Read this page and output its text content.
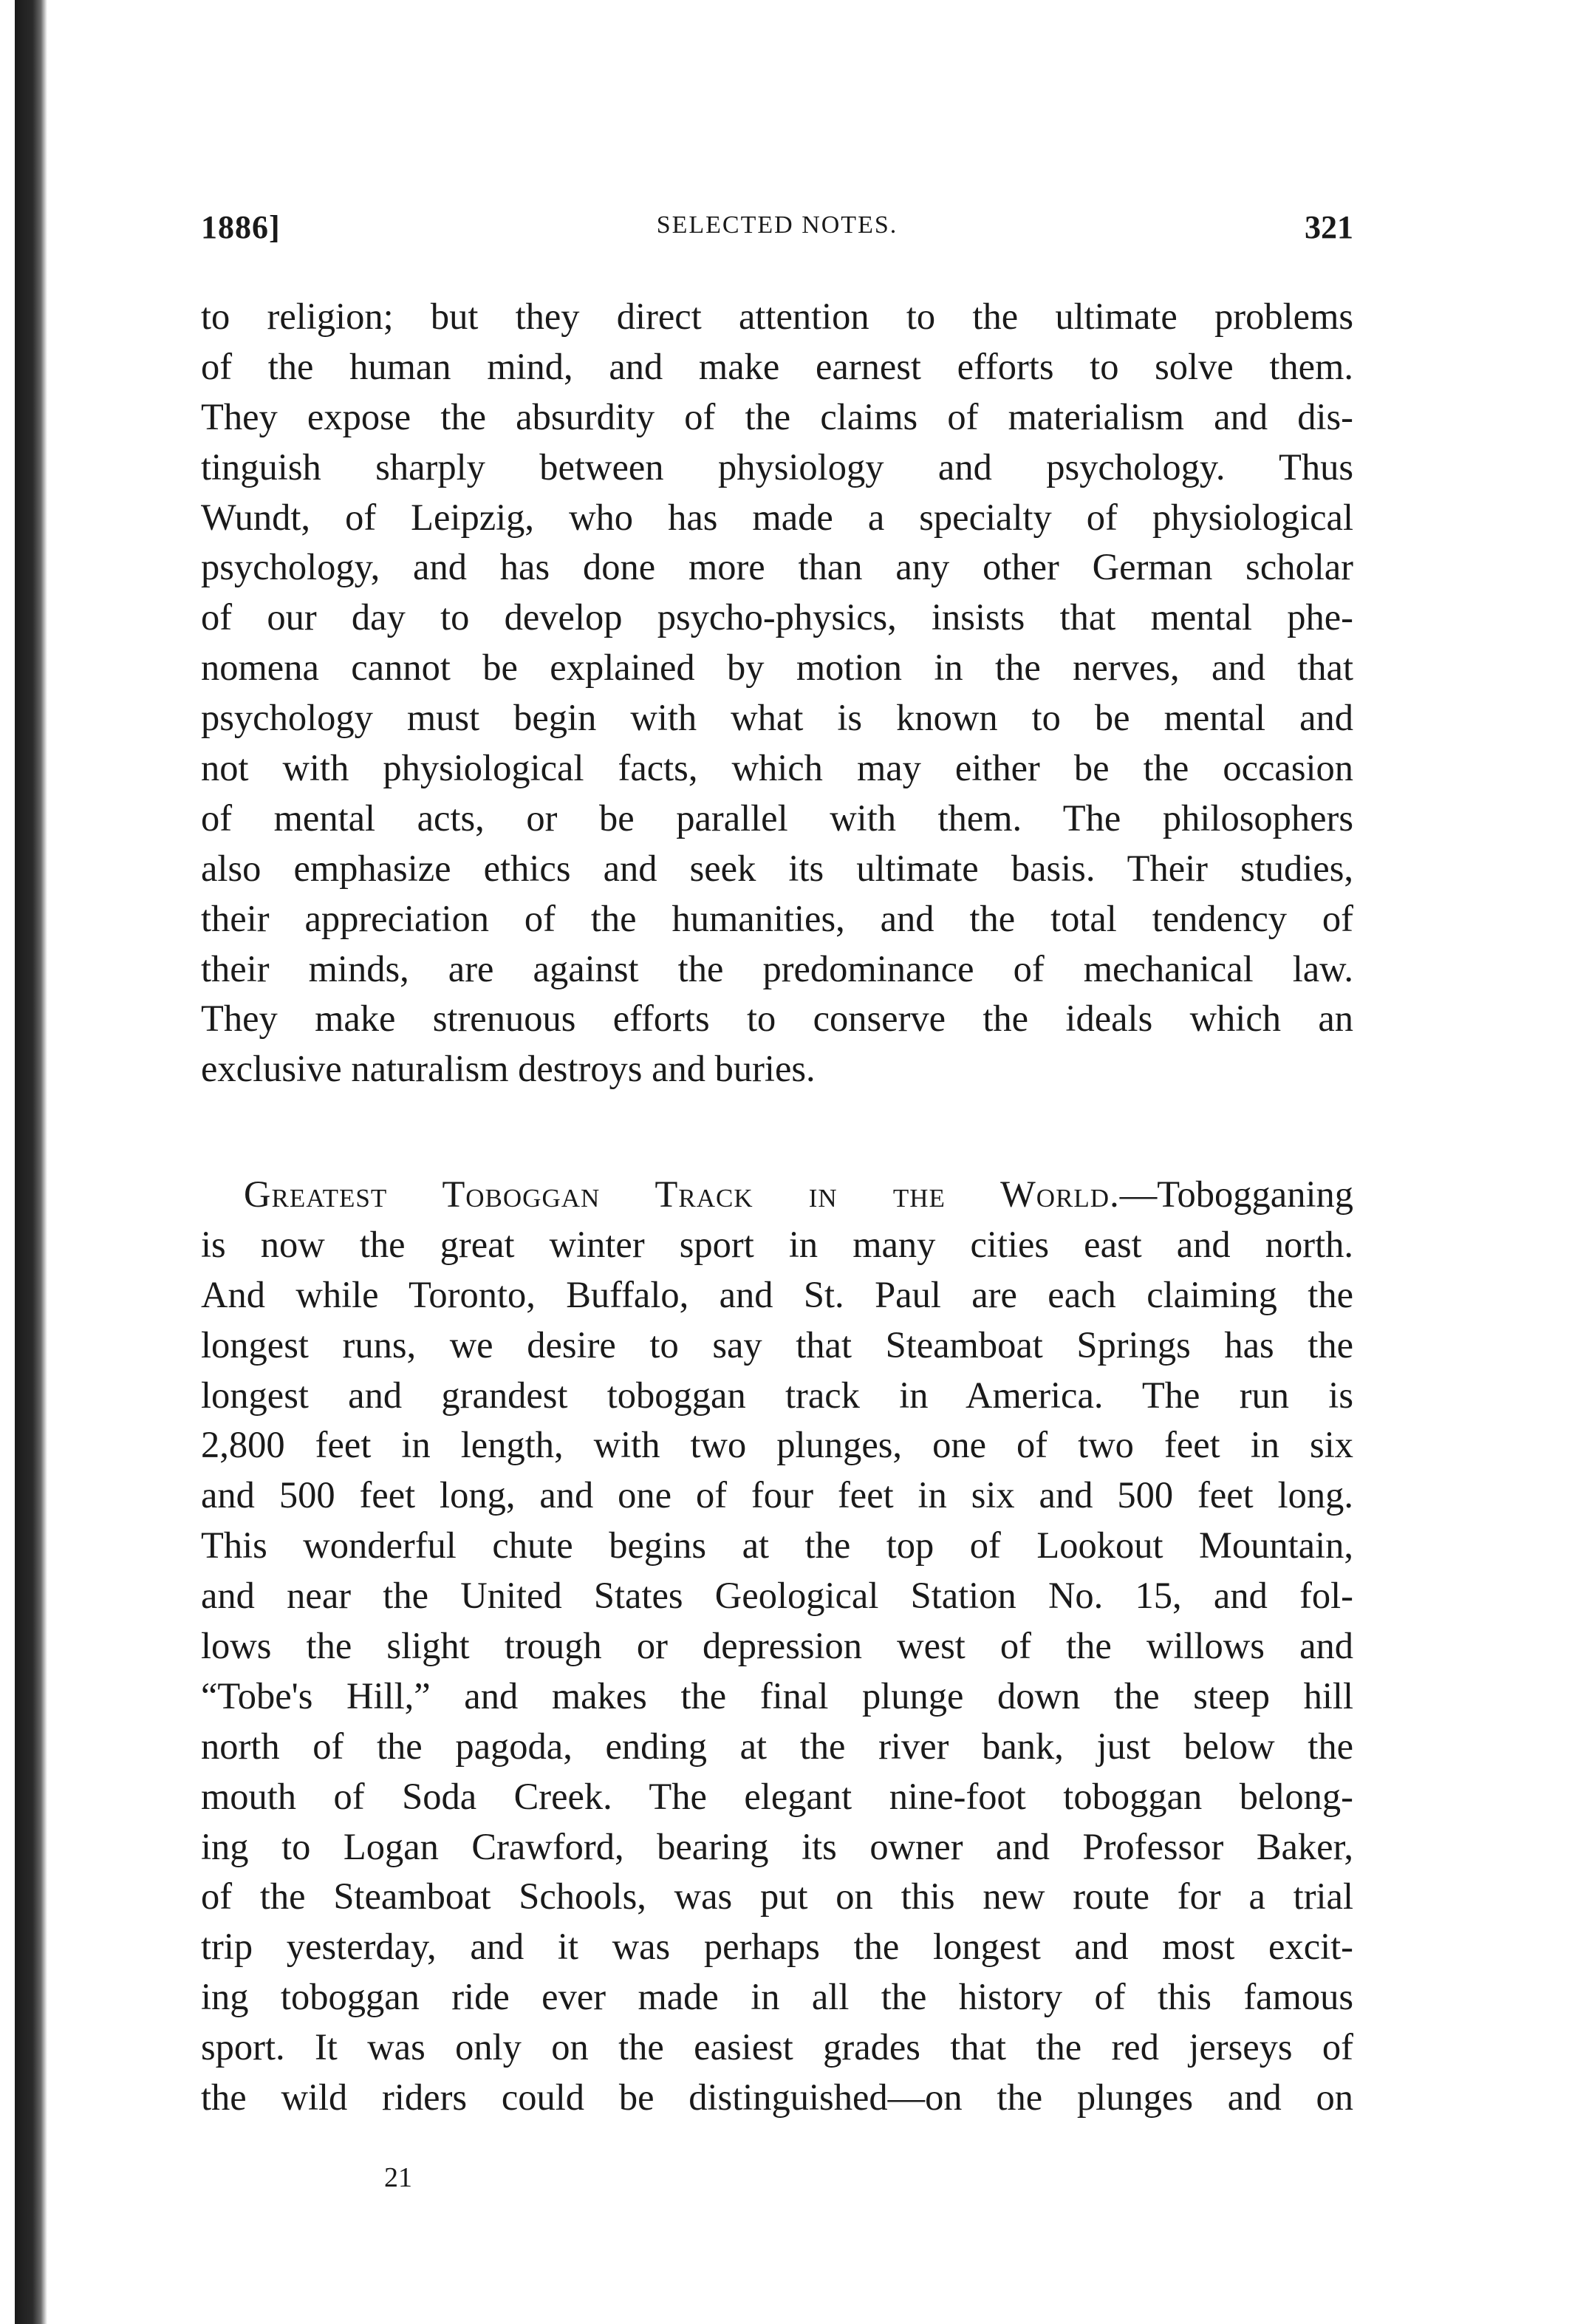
1886]	SELECTED NOTES.	321
to religion; but they direct attention to the ultimate problems
of the human mind, and make earnest efforts to solve them.
They expose the absurdity of the claims of materialism and dis-
tinguish sharply between physiology and psychology. Thus
Wundt, of Leipzig, who has made a specialty of physiological
psychology, and has done more than any other German scholar
of our day to develop psycho-physics, insists that mental phe-
nomena cannot be explained by motion in the nerves, and that
psychology must begin with what is known to be mental and
not with physiological facts, which may either be the occasion
of mental acts, or be parallel with them. The philosophers
also emphasize ethics and seek its ultimate basis. Their studies,
their appreciation of the humanities, and the total tendency of
their minds, are against the predominance of mechanical law.
They make strenuous efforts to conserve the ideals which an
exclusive naturalism destroys and buries.
Greatest Toboggan Track in the World.—Tobogganing
is now the great winter sport in many cities east and north.
And while Toronto, Buffalo, and St. Paul are each claiming the
longest runs, we desire to say that Steamboat Springs has the
longest and grandest toboggan track in America. The run is
2,800 feet in length, with two plunges, one of two feet in six
and 500 feet long, and one of four feet in six and 500 feet long.
This wonderful chute begins at the top of Lookout Mountain,
and near the United States Geological Station No. 15, and fol-
lows the slight trough or depression west of the willows and
“Tobe's Hill,” and makes the final plunge down the steep hill
north of the pagoda, ending at the river bank, just below the
mouth of Soda Creek. The elegant nine-foot toboggan belong-
ing to Logan Crawford, bearing its owner and Professor Baker,
of the Steamboat Schools, was put on this new route for a trial
trip yesterday, and it was perhaps the longest and most excit-
ing toboggan ride ever made in all the history of this famous
sport. It was only on the easiest grades that the red jerseys of
the wild riders could be distinguished—on the plunges and on
21
